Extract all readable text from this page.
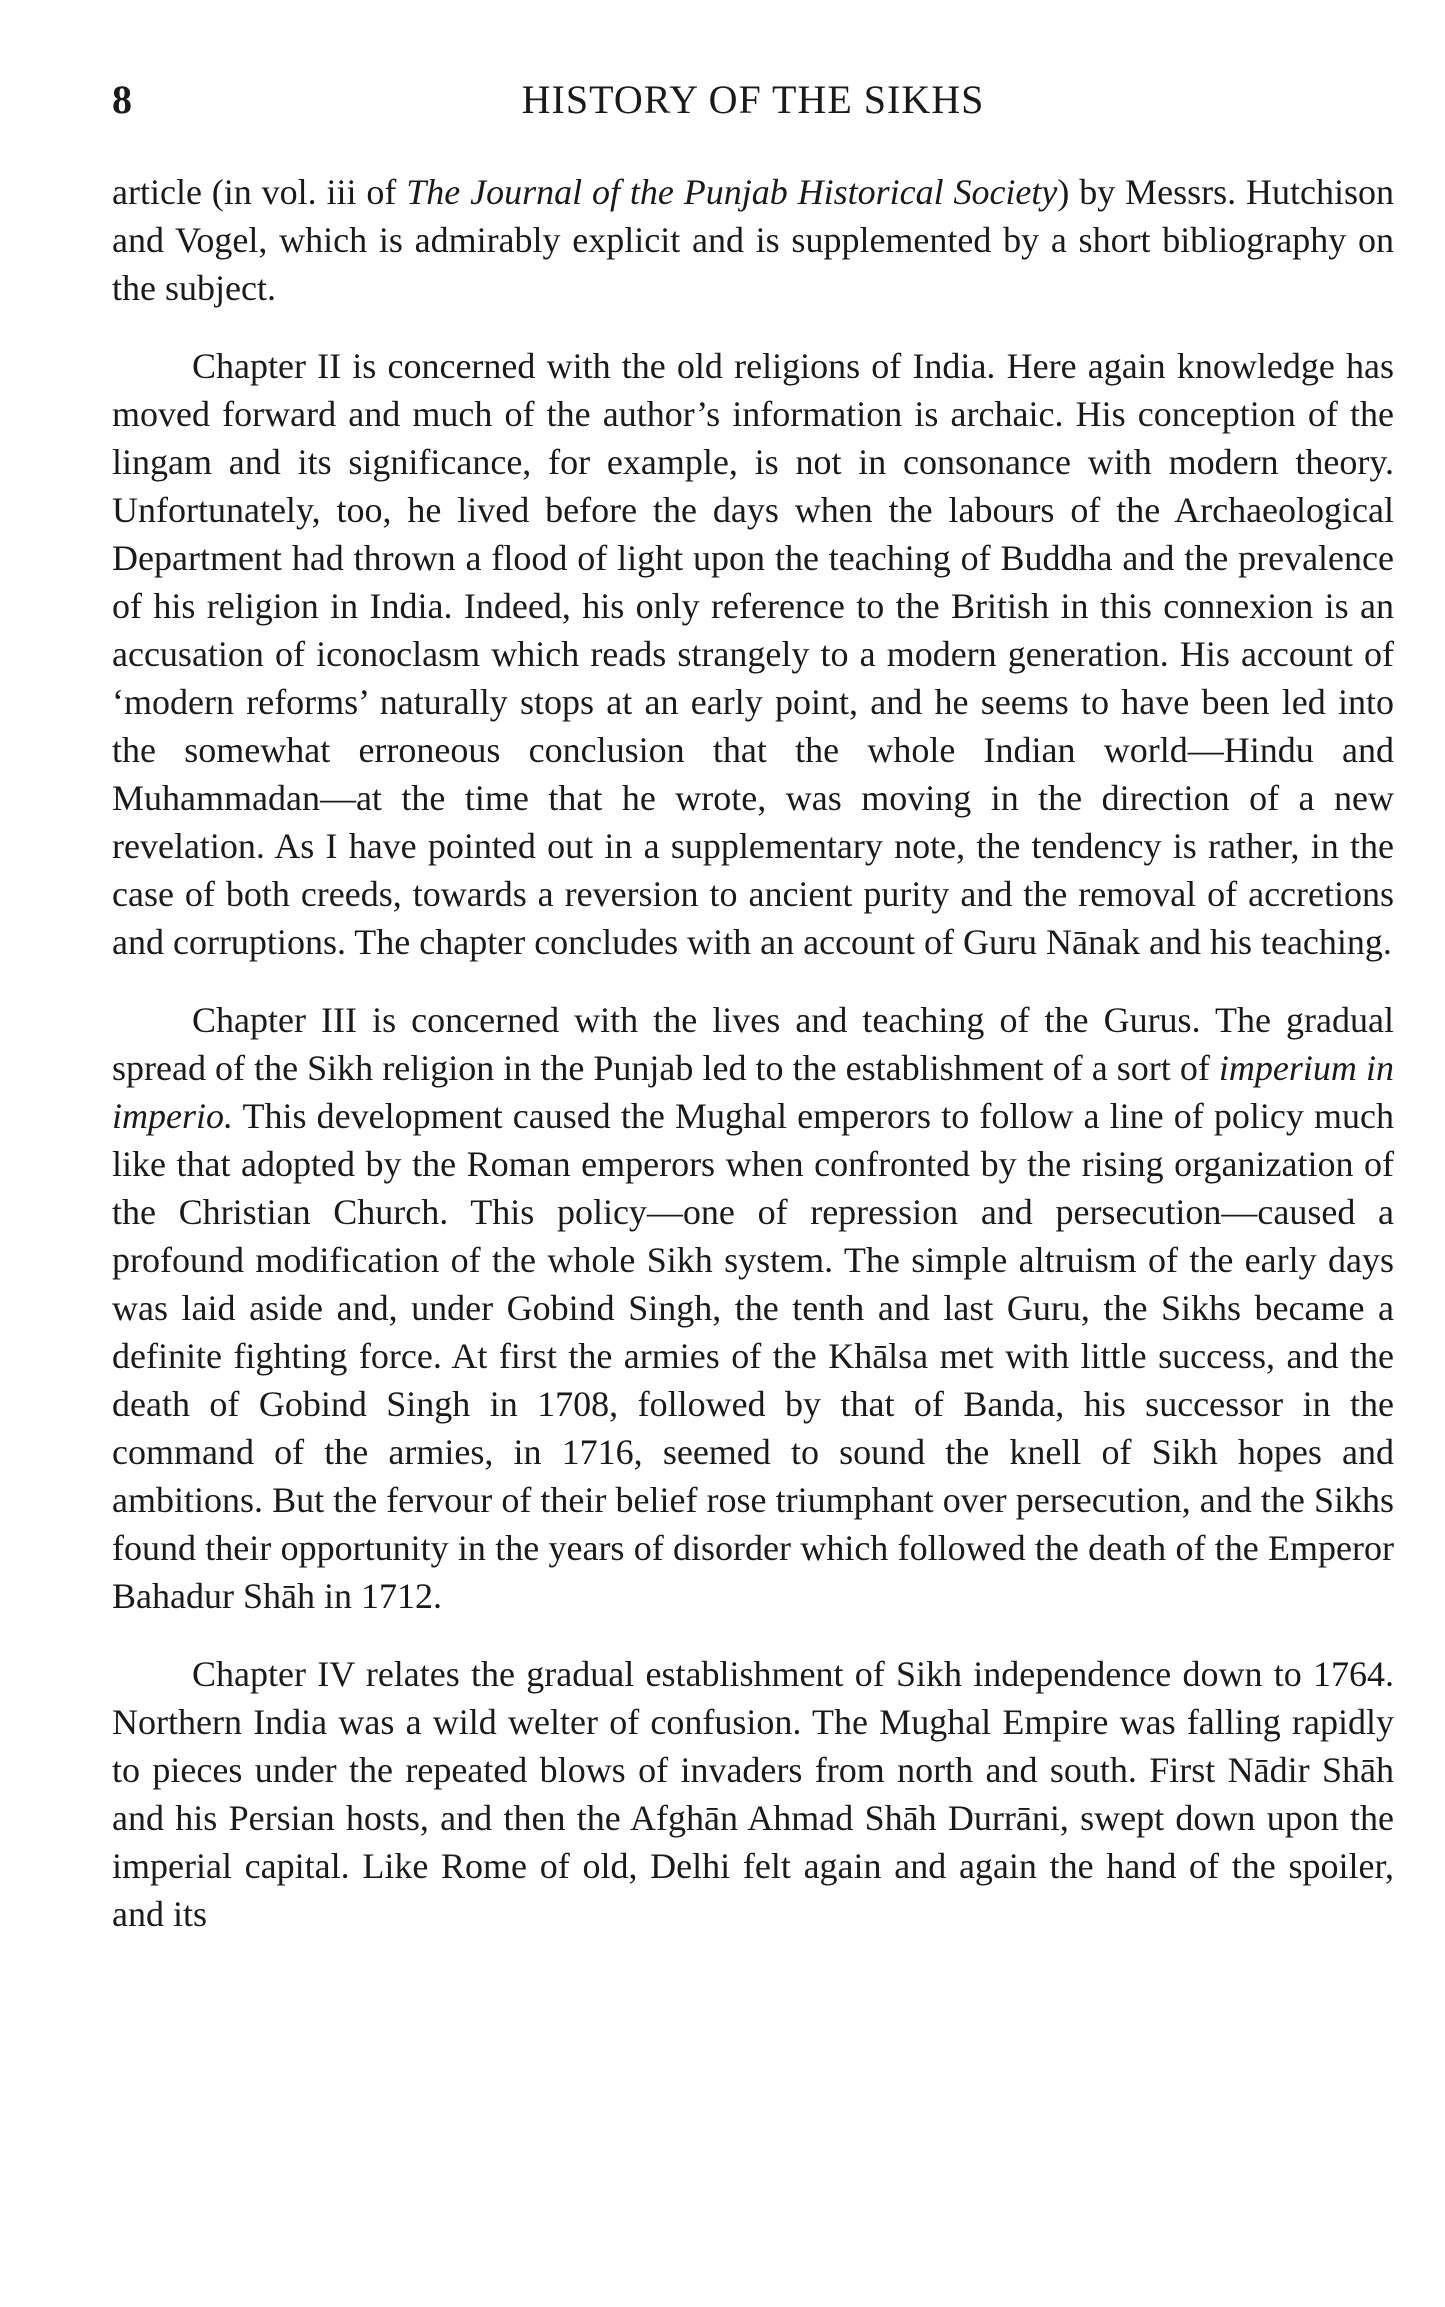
8	HISTORY OF THE SIKHS

article (in vol. iii of The Journal of the Punjab Historical Society) by Messrs. Hutchison and Vogel, which is admirably explicit and is supplemented by a short bibliography on the subject.

Chapter II is concerned with the old religions of India. Here again knowledge has moved forward and much of the author’s information is archaic. His conception of the lingam and its significance, for example, is not in consonance with modern theory. Unfortunately, too, he lived before the days when the labours of the Archaeological Department had thrown a flood of light upon the teaching of Buddha and the prevalence of his religion in India. Indeed, his only reference to the British in this connexion is an accusation of iconoclasm which reads strangely to a modern generation. His account of ‘modern reforms’ naturally stops at an early point, and he seems to have been led into the somewhat erroneous conclusion that the whole Indian world—Hindu and Muhammadan—at the time that he wrote, was moving in the direction of a new revelation. As I have pointed out in a supplementary note, the tendency is rather, in the case of both creeds, towards a reversion to ancient purity and the removal of accretions and corruptions. The chapter concludes with an account of Guru Nānak and his teaching.

Chapter III is concerned with the lives and teaching of the Gurus. The gradual spread of the Sikh religion in the Punjab led to the establishment of a sort of imperium in imperio. This development caused the Mughal emperors to follow a line of policy much like that adopted by the Roman emperors when confronted by the rising organization of the Christian Church. This policy—one of repression and persecution—caused a profound modification of the whole Sikh system. The simple altruism of the early days was laid aside and, under Gobind Singh, the tenth and last Guru, the Sikhs became a definite fighting force. At first the armies of the Khālsa met with little success, and the death of Gobind Singh in 1708, followed by that of Banda, his successor in the command of the armies, in 1716, seemed to sound the knell of Sikh hopes and ambitions. But the fervour of their belief rose triumphant over persecution, and the Sikhs found their opportunity in the years of disorder which followed the death of the Emperor Bahadur Shāh in 1712.

Chapter IV relates the gradual establishment of Sikh independence down to 1764. Northern India was a wild welter of confusion. The Mughal Empire was falling rapidly to pieces under the repeated blows of invaders from north and south. First Nādir Shāh and his Persian hosts, and then the Afghān Ahmad Shāh Durrāni, swept down upon the imperial capital. Like Rome of old, Delhi felt again and again the hand of the spoiler, and its
